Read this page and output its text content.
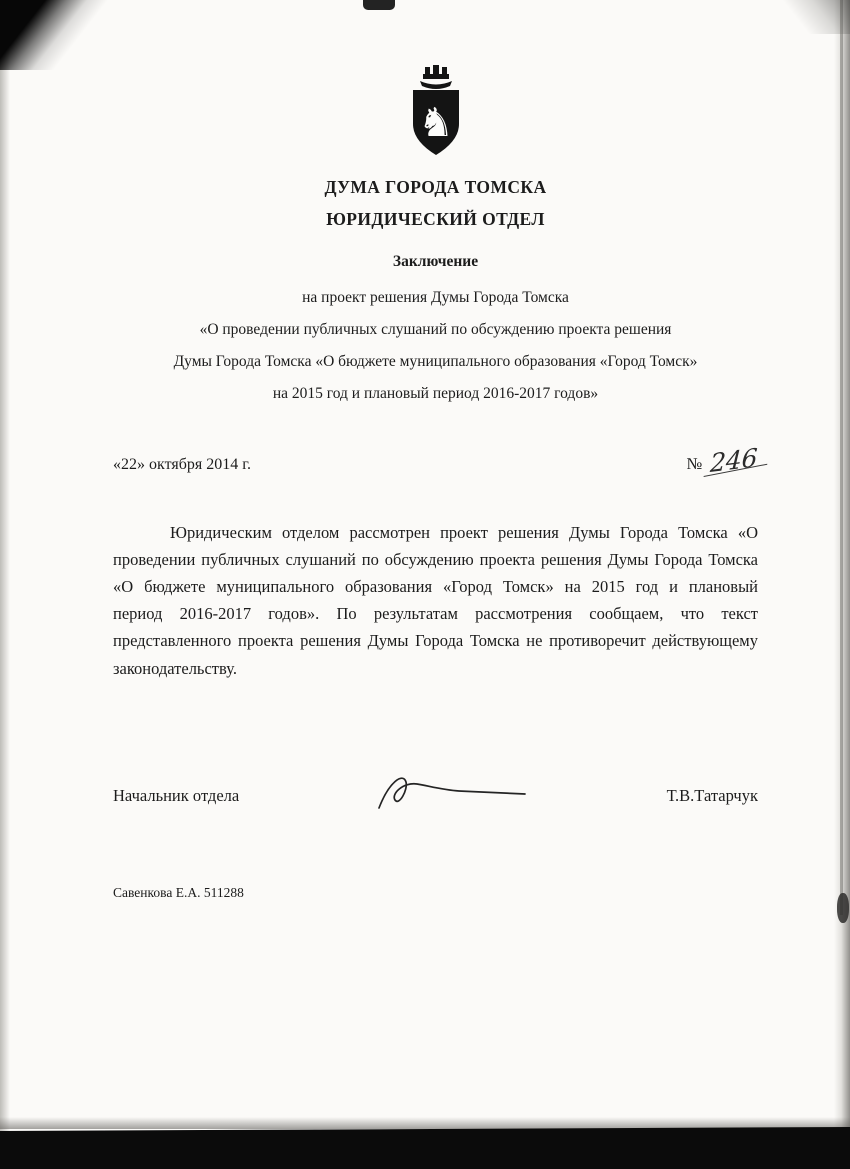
♞
ДУМА ГОРОДА ТОМСКА
ЮРИДИЧЕСКИЙ ОТДЕЛ
Заключение
на проект решения Думы Города Томска
«О проведении публичных слушаний по обсуждению проекта решения
Думы Города Томска «О бюджете муниципального образования «Город Томск»
на 2015 год и плановый период 2016-2017 годов»
«22» октября 2014 г.	№ 246

Юридическим отделом рассмотрен проект решения Думы Города Томска «О проведении публичных слушаний по обсуждению проекта решения Думы Города Томска «О бюджете муниципального образования «Город Томск» на 2015 год и плановый период 2016-2017 годов». По результатам рассмотрения сообщаем, что текст представленного проекта решения Думы Города Томска не противоречит действующему законодательству.

Начальник отдела	Т.В.Татарчук
Савенкова Е.А. 511288
